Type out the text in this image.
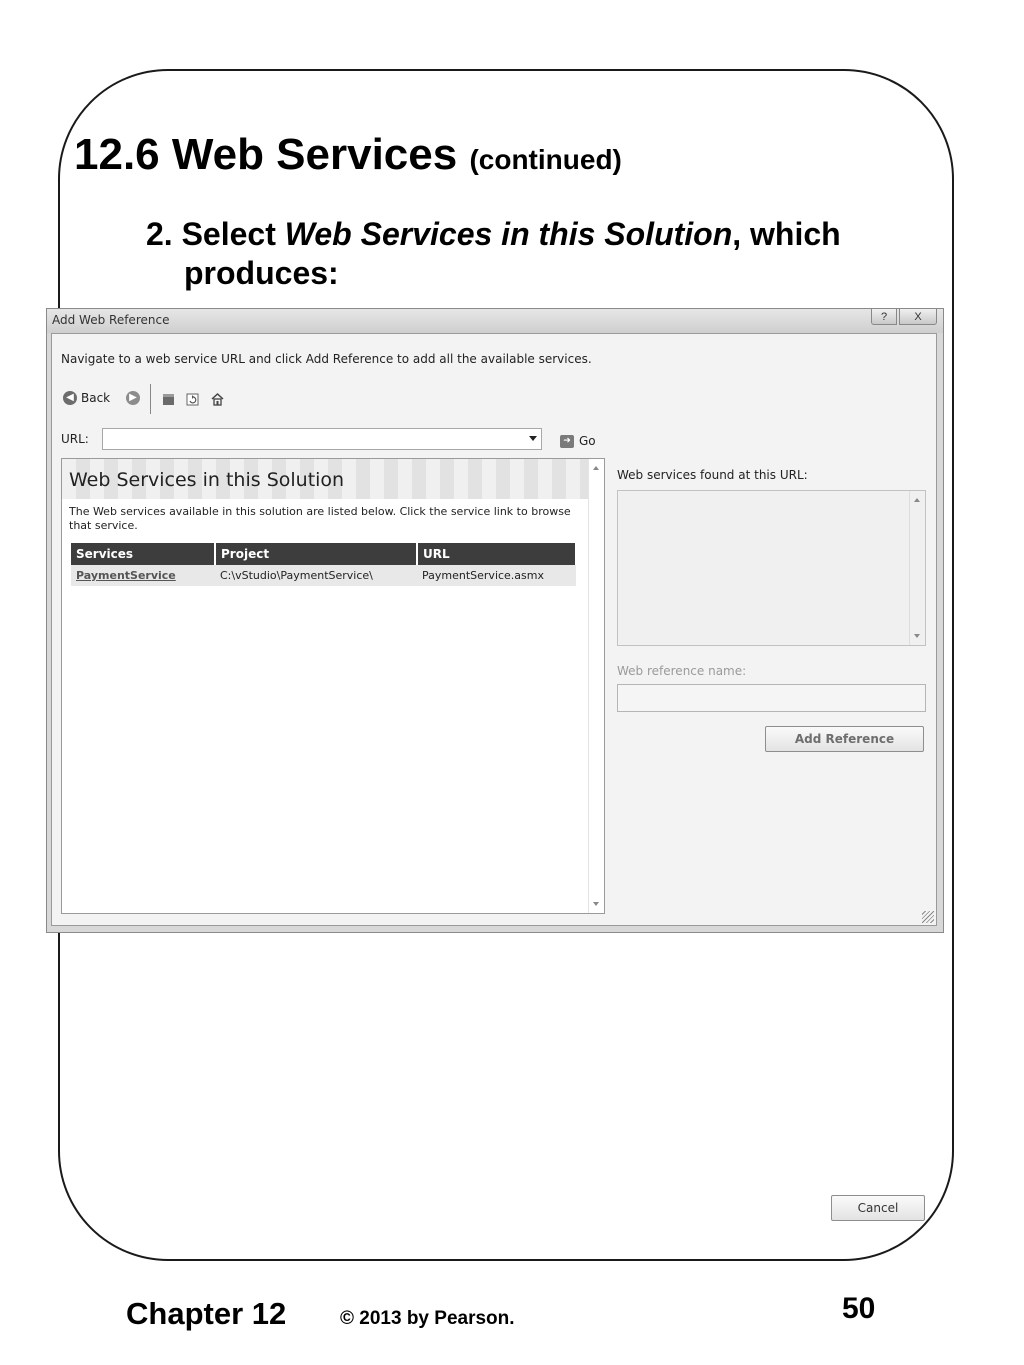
12.6 Web Services (continued)
2. Select Web Services in this Solution, which
produces:
Add Web Reference	?	X
Navigate to a web service URL and click Add Reference to add all the available services.
◀ Back	▶
URL:	➜ Go
Web Services in this Solution
The Web services available in this solution are listed below. Click the service link to browse that service.
Services	Project	URL
PaymentService	C:\vStudio\PaymentService\	PaymentService.asmx
Web services found at this URL:
Web reference name:
Add Reference
Cancel
Chapter 12	© 2013 by Pearson.	50
